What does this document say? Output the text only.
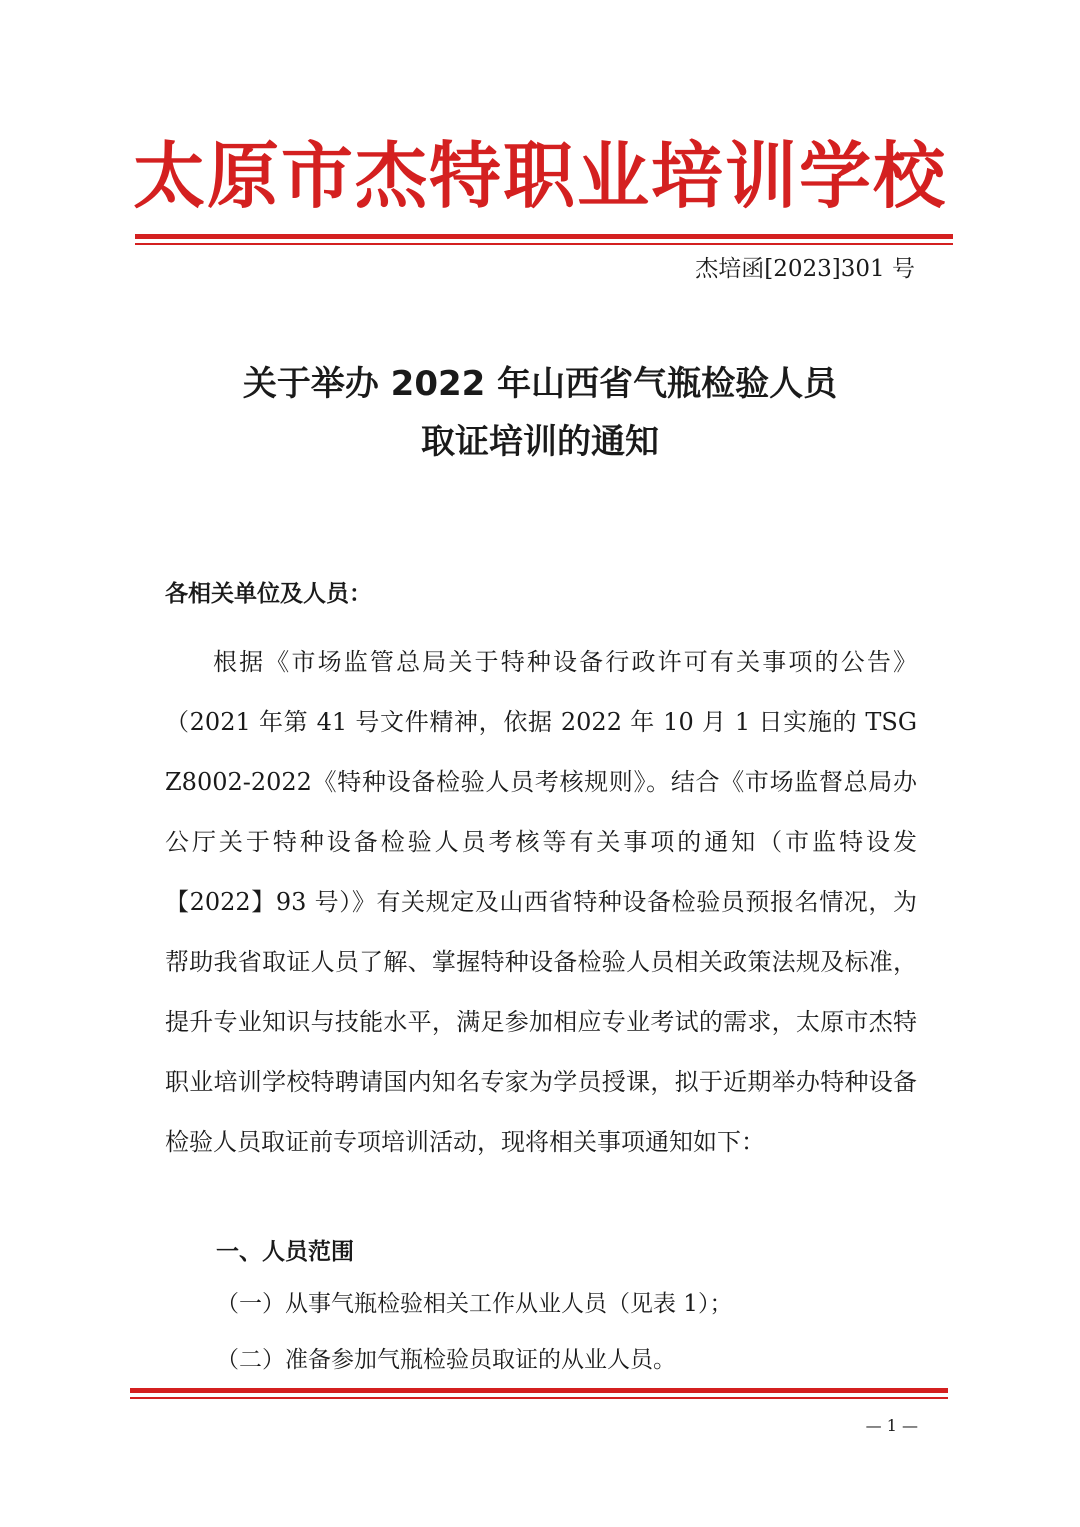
太原市杰特职业培训学校
杰培函[2023]301 号
关于举办 2022 年山西省气瓶检验人员
取证培训的通知
各相关单位及人员：

根据《市场监管总局关于特种设备行政许可有关事项的公告》（2021 年第 41 号文件精神，依据 2022 年 10 月 1 日实施的 TSG Z8002-2022《特种设备检验人员考核规则》。结合《市场监督总局办公厅关于特种设备检验人员考核等有关事项的通知（市监特设发【2022】93 号）》有关规定及山西省特种设备检验员预报名情况，为帮助我省取证人员了解、掌握特种设备检验人员相关政策法规及标准，提升专业知识与技能水平，满足参加相应专业考试的需求，太原市杰特职业培训学校特聘请国内知名专家为学员授课，拟于近期举办特种设备检验人员取证前专项培训活动，现将相关事项通知如下：

一、人员范围
（一）从事气瓶检验相关工作从业人员（见表 1）；
（二）准备参加气瓶检验员取证的从业人员。
— 1 —
